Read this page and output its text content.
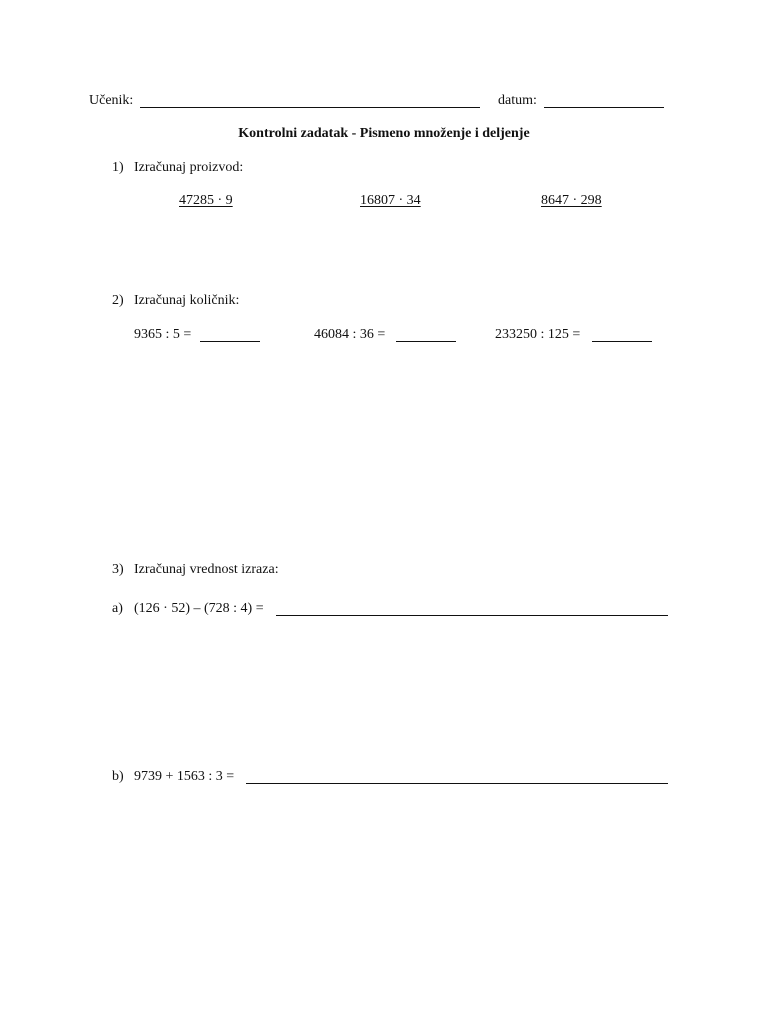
Učenik:	datum:
Kontrolni zadatak - Pismeno množenje i deljenje
1) Izračunaj proizvod:
47285 · 9	16807 · 34	8647 · 298
2) Izračunaj količnik:
9365 : 5 =	46084 : 36 =	233250 : 125 =
3) Izračunaj vrednost izraza:
a) (126 · 52) – (728 : 4) =
b) 9739 + 1563 : 3 =
